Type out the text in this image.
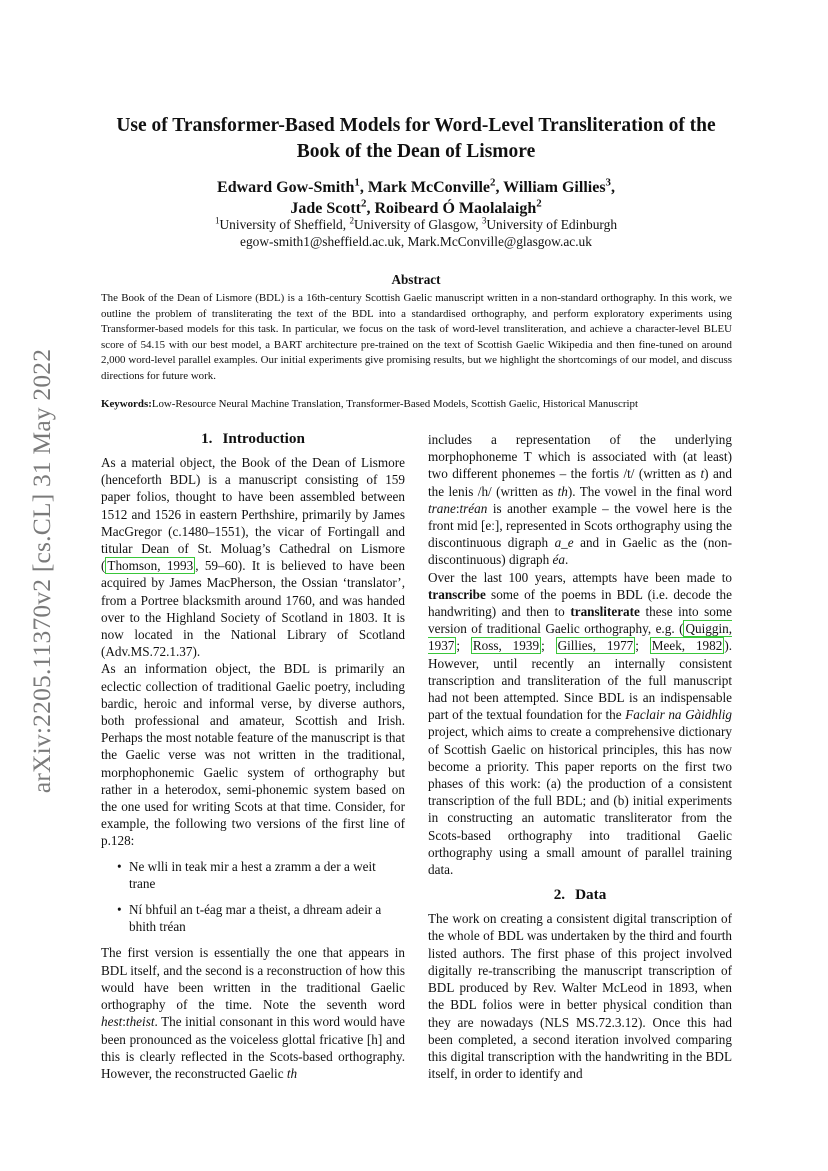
arXiv:2205.11370v2 [cs.CL] 31 May 2022
Use of Transformer-Based Models for Word-Level Transliteration of the Book of the Dean of Lismore
Edward Gow-Smith$^1$, Mark McConville$^2$, William Gillies$^3$,
Jade Scott$^2$, Roibeard Ó Maolalaigh$^2$
$^1$University of Sheffield, $^2$University of Glasgow, $^3$University of Edinburgh
egow-smith1@sheffield.ac.uk, Mark.McConville@glasgow.ac.uk
Abstract
The Book of the Dean of Lismore (BDL) is a 16th-century Scottish Gaelic manuscript written in a non-standard orthography. In this work, we outline the problem of transliterating the text of the BDL into a standardised orthography, and perform exploratory experiments using Transformer-based models for this task. In particular, we focus on the task of word-level transliteration, and achieve a character-level BLEU score of 54.15 with our best model, a BART architecture pre-trained on the text of Scottish Gaelic Wikipedia and then fine-tuned on around 2,000 word-level parallel examples. Our initial experiments give promising results, but we highlight the shortcomings of our model, and discuss directions for future work.
Keywords:Low-Resource Neural Machine Translation, Transformer-Based Models, Scottish Gaelic, Historical Manuscript
1. Introduction

As a material object, the Book of the Dean of Lismore (henceforth BDL) is a manuscript consisting of 159 paper folios, thought to have been assembled between 1512 and 1526 in eastern Perthshire, primarily by James MacGregor (c.1480–1551), the vicar of Fortingall and titular Dean of St. Moluag’s Cathedral on Lismore ( Thomson, 1993 , 59–60). It is believed to have been acquired by James MacPherson, the Ossian ‘translator’, from a Portree blacksmith around 1760, and was handed over to the Highland Society of Scotland in 1803. It is now located in the National Library of Scotland (Adv.MS.72.1.37).

As an information object, the BDL is primarily an eclectic collection of traditional Gaelic poetry, including bardic, heroic and informal verse, by diverse authors, both professional and amateur, Scottish and Irish. Perhaps the most notable feature of the manuscript is that the Gaelic verse was not written in the traditional, morphophonemic Gaelic system of orthography but rather in a heterodox, semi-phonemic system based on the one used for writing Scots at that time. Consider, for example, the following two versions of the first line of p.128:

• Ne wlli in teak mir a hest a zramm a der a weit trane
• Ní bhfuil an t-éag mar a theist, a dhream adeir a bhith tréan

The first version is essentially the one that appears in BDL itself, and the second is a reconstruction of how this would have been written in the traditional Gaelic orthography of the time. Note the seventh word hest:theist. The initial consonant in this word would have been pronounced as the voiceless glottal fricative [h] and this is clearly reflected in the Scots-based orthography. However, the reconstructed Gaelic th

includes a representation of the underlying morphophoneme T which is associated with (at least) two different phonemes – the fortis /t/ (written as t) and the lenis /h/ (written as th). The vowel in the final word trane:tréan is another example – the vowel here is the front mid [eː], represented in Scots orthography using the discontinuous digraph a_e and in Gaelic as the (non-discontinuous) digraph éa.

Over the last 100 years, attempts have been made to transcribe some of the poems in BDL (i.e. decode the handwriting) and then to transliterate these into some version of traditional Gaelic orthography, e.g. ( Quiggin, 1937 ; Ross, 1939 ; Gillies, 1977 ; Meek, 1982 ). However, until recently an internally consistent transcription and transliteration of the full manuscript had not been attempted. Since BDL is an indispensable part of the textual foundation for the Faclair na Gàidhlig project, which aims to create a comprehensive dictionary of Scottish Gaelic on historical principles, this has now become a priority. This paper reports on the first two phases of this work: (a) the production of a consistent transcription of the full BDL; and (b) initial experiments in constructing an automatic transliterator from the Scots-based orthography into traditional Gaelic orthography using a small amount of parallel training data.

2. Data

The work on creating a consistent digital transcription of the whole of BDL was undertaken by the third and fourth listed authors. The first phase of this project involved digitally re-transcribing the manuscript transcription of BDL produced by Rev. Walter McLeod in 1893, when the BDL folios were in better physical condition than they are nowadays (NLS MS.72.3.12). Once this had been completed, a second iteration involved comparing this digital transcription with the handwriting in the BDL itself, in order to identify and
